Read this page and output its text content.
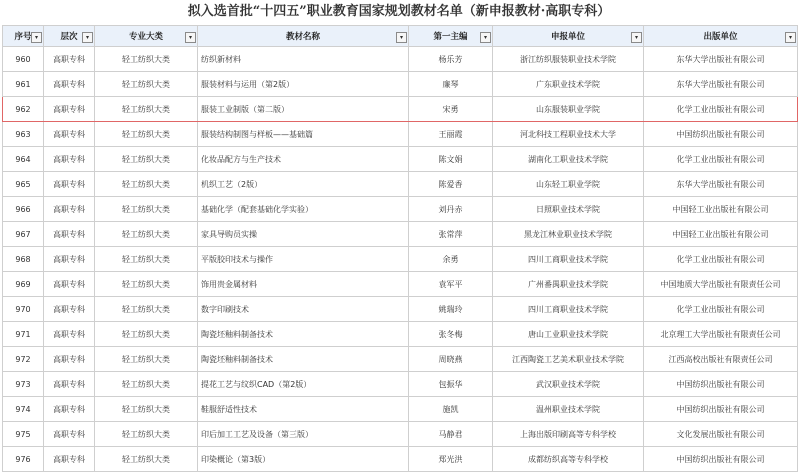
拟入选首批“十四五”职业教育国家规划教材名单（新申报教材·高职专科）
序号 ▾	层次 ▾	专业大类 ▾	教材名称 ▾	第一主编 ▾	申报单位 ▾	出版单位 ▾

960	高职专科	轻工纺织大类	纺织新材料	杨乐芳	浙江纺织服装职业技术学院	东华大学出版社有限公司
961	高职专科	轻工纺织大类	服装材料与运用（第2版）	廉琴	广东职业技术学院	东华大学出版社有限公司
962	高职专科	轻工纺织大类	服装工业制版（第二版）	宋勇	山东服装职业学院	化学工业出版社有限公司
963	高职专科	轻工纺织大类	服装结构制图与样板——基础篇	王丽霞	河北科技工程职业技术大学	中国纺织出版社有限公司
964	高职专科	轻工纺织大类	化妆品配方与生产技术	陈文娟	湖南化工职业技术学院	化学工业出版社有限公司
965	高职专科	轻工纺织大类	机织工艺（2版）	陈爱香	山东轻工职业学院	东华大学出版社有限公司
966	高职专科	轻工纺织大类	基础化学（配套基础化学实验）	刘丹赤	日照职业技术学院	中国轻工业出版社有限公司
967	高职专科	轻工纺织大类	家具导购员实操	张常萍	黑龙江林业职业技术学院	中国轻工业出版社有限公司
968	高职专科	轻工纺织大类	平版胶印技术与操作	余勇	四川工商职业技术学院	化学工业出版社有限公司
969	高职专科	轻工纺织大类	饰用贵金属材料	袁军平	广州番禺职业技术学院	中国地质大学出版社有限责任公司
970	高职专科	轻工纺织大类	数字印刷技术	姚瑞玲	四川工商职业技术学院	化学工业出版社有限公司
971	高职专科	轻工纺织大类	陶瓷坯釉料制备技术	张冬梅	唐山工业职业技术学院	北京理工大学出版社有限责任公司
972	高职专科	轻工纺织大类	陶瓷坯釉料制备技术	周晓燕	江西陶瓷工艺美术职业技术学院	江西高校出版社有限责任公司
973	高职专科	轻工纺织大类	提花工艺与纹织CAD（第2版）	包振华	武汉职业技术学院	中国纺织出版社有限公司
974	高职专科	轻工纺织大类	鞋服舒适性技术	施凯	温州职业技术学院	中国纺织出版社有限公司
975	高职专科	轻工纺织大类	印后加工工艺及设备（第三版）	马静君	上海出版印刷高等专科学校	文化发展出版社有限公司
976	高职专科	轻工纺织大类	印染概论（第3版）	郑光洪	成都纺织高等专科学校	中国纺织出版社有限公司
